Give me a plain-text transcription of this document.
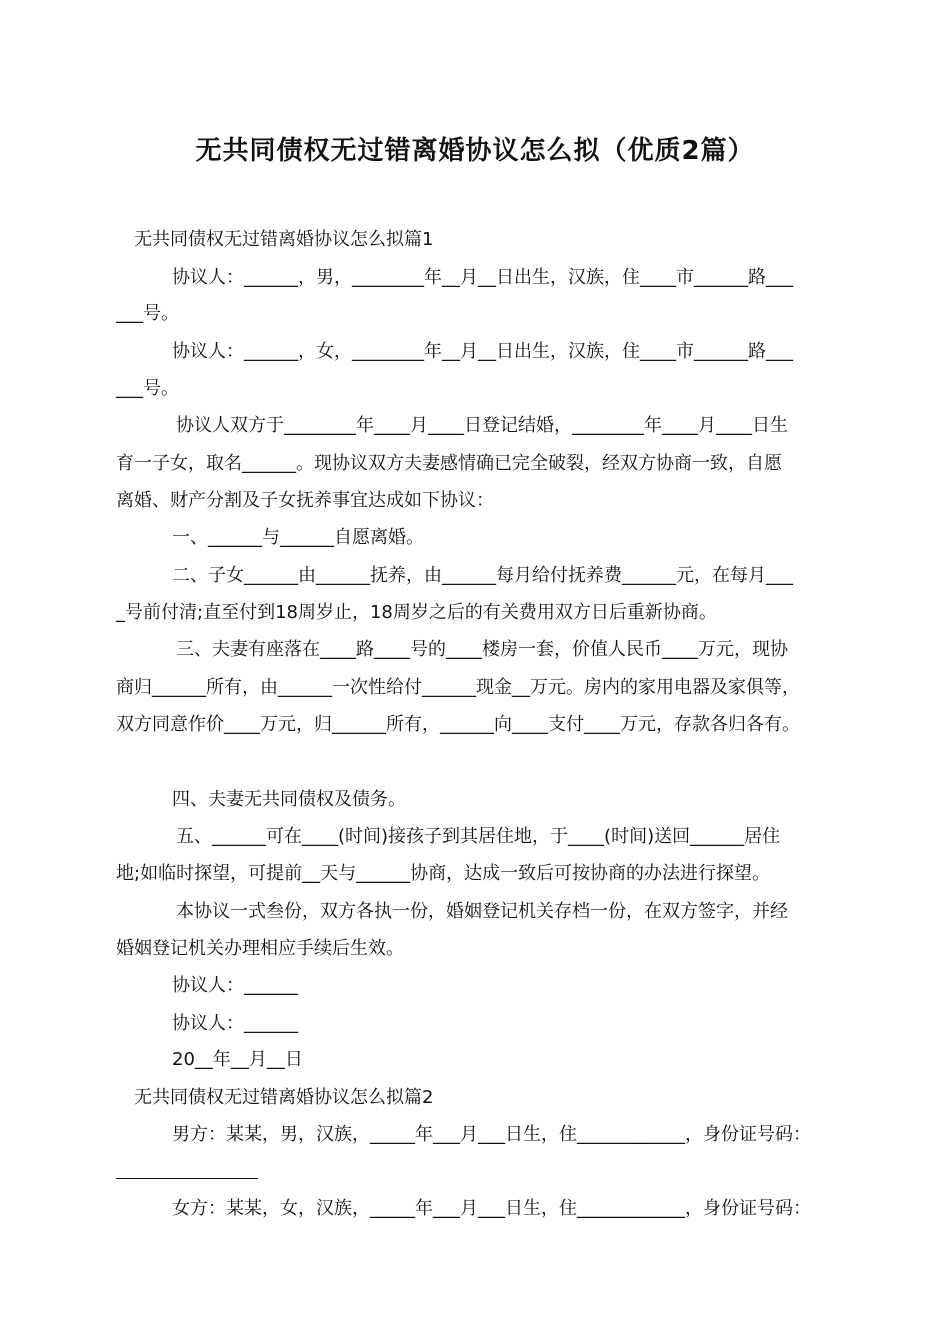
无共同债权无过错离婚协议怎么拟（优质2篇）

无共同债权无过错离婚协议怎么拟篇1

协议人：______，男，________年__月__日出生，汉族，住____市______路___

___号。

协议人：______，女，________年__月__日出生，汉族，住____市______路___

___号。

协议人双方于________年____月____日登记结婚，________年____月____日生

育一子女，取名______。现协议双方夫妻感情确已完全破裂，经双方协商一致，自愿

离婚、财产分割及子女抚养事宜达成如下协议：

一、______与______自愿离婚。

二、子女______由______抚养，由______每月给付抚养费______元，在每月___

_号前付清;直至付到18周岁止，18周岁之后的有关费用双方日后重新协商。

三、夫妻有座落在____路____号的____楼房一套，价值人民币____万元，现协

商归______所有，由______一次性给付______现金__万元。房内的家用电器及家俱等，

双方同意作价____万元，归______所有，______向____支付____万元，存款各归各有。

四、夫妻无共同债权及债务。

五、______可在____(时间)接孩子到其居住地，于____(时间)送回______居住

地;如临时探望，可提前__天与______协商，达成一致后可按协商的办法进行探望。

本协议一式叁份，双方各执一份，婚姻登记机关存档一份，在双方签字，并经

婚姻登记机关办理相应手续后生效。

协议人：______

协议人：______

20__年__月__日

无共同债权无过错离婚协议怎么拟篇2

男方：某某，男，汉族，_____年___月___日生，住____________，身份证号码：

女方：某某，女，汉族，_____年___月___日生，住____________，身份证号码：
